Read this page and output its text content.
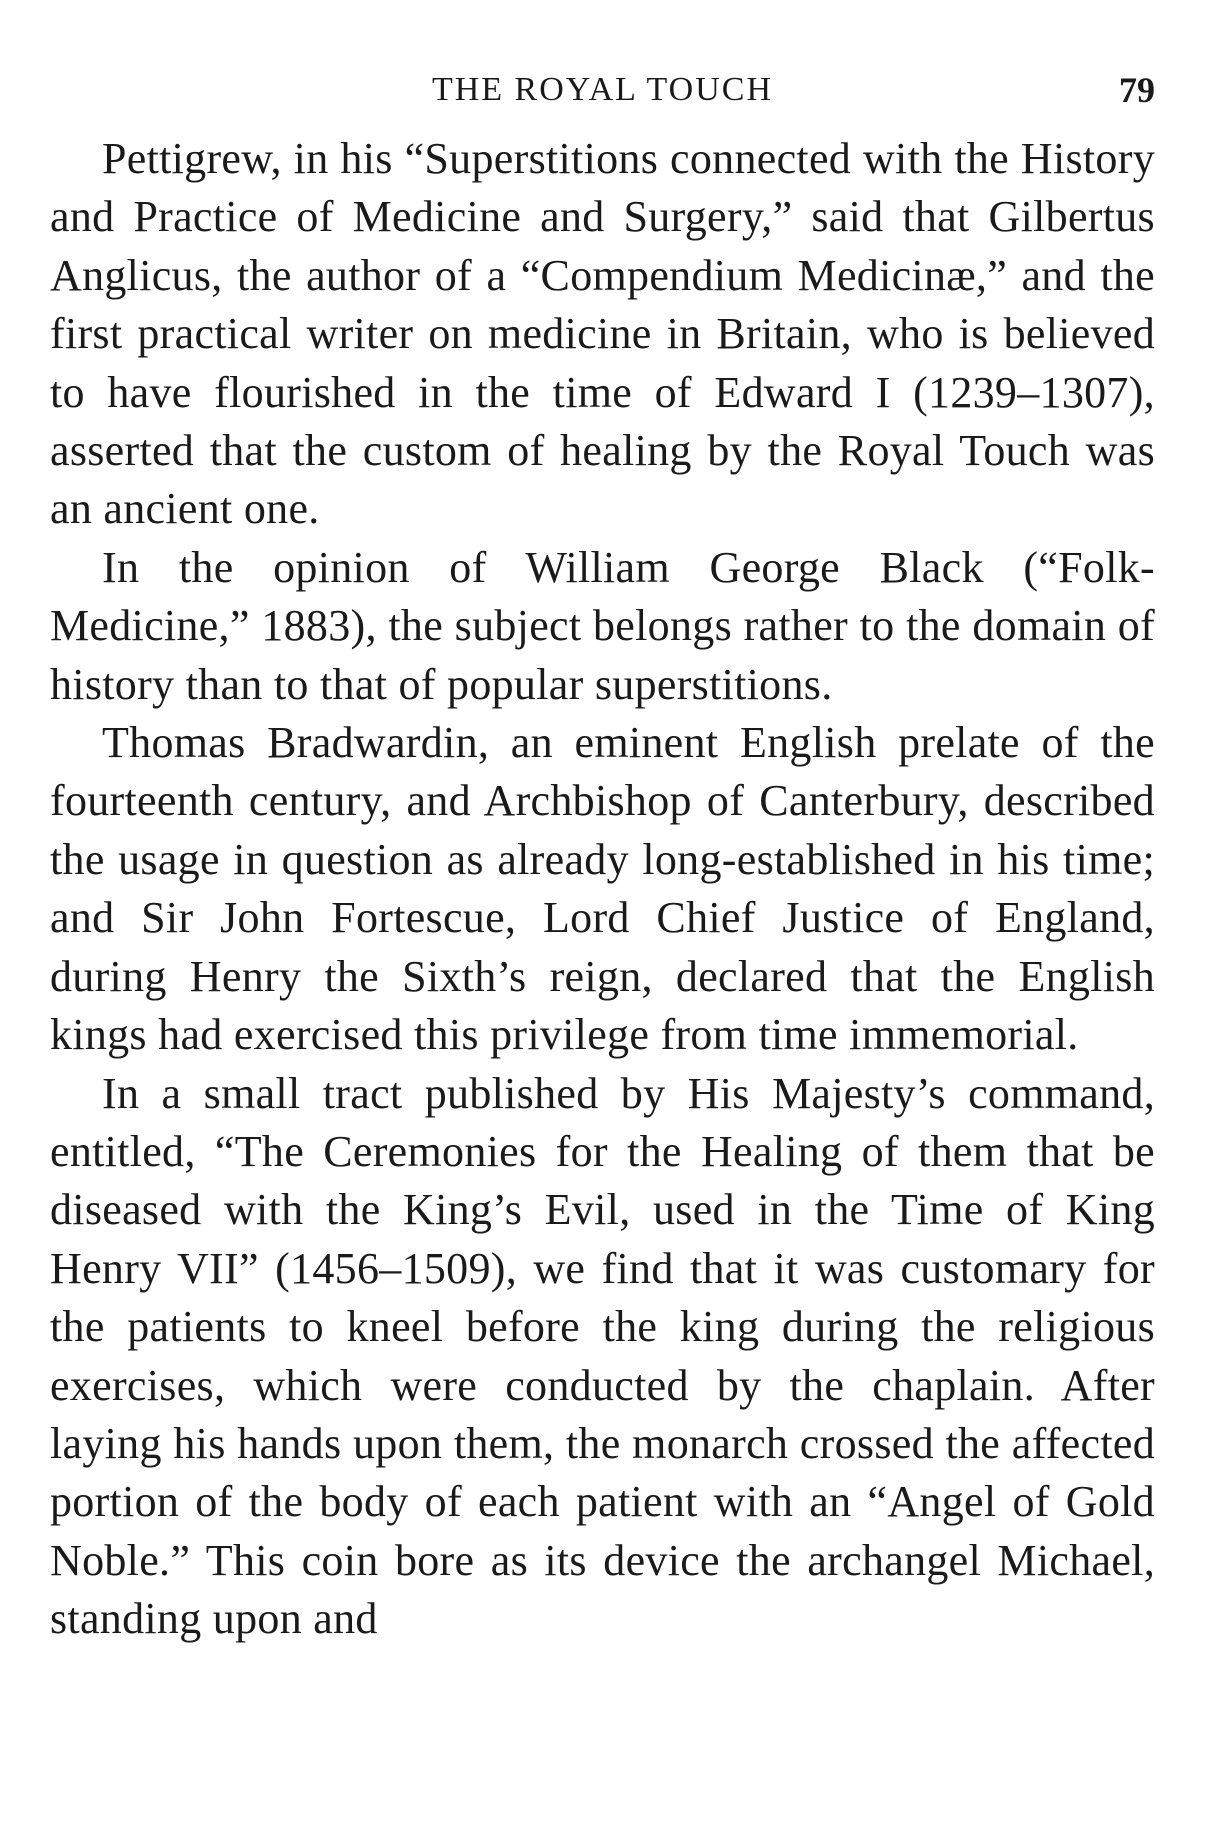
THE ROYAL TOUCH	79

Pettigrew, in his “Superstitions connected with the History and Practice of Medicine and Surgery,” said that Gilbertus Anglicus, the author of a “Compendium Medicinæ,” and the first practical writer on medicine in Britain, who is believed to have flourished in the time of Edward I (1239–1307), asserted that the custom of healing by the Royal Touch was an ancient one.

In the opinion of William George Black (“Folk-Medicine,” 1883), the subject belongs rather to the domain of history than to that of popular superstitions.

Thomas Bradwardin, an eminent English prelate of the fourteenth century, and Archbishop of Canterbury, described the usage in question as already long-established in his time; and Sir John Fortescue, Lord Chief Justice of England, during Henry the Sixth’s reign, declared that the English kings had exercised this privilege from time immemorial.

In a small tract published by His Majesty’s command, entitled, “The Ceremonies for the Healing of them that be diseased with the King’s Evil, used in the Time of King Henry VII” (1456–1509), we find that it was customary for the patients to kneel before the king during the religious exercises, which were conducted by the chaplain. After laying his hands upon them, the monarch crossed the affected portion of the body of each patient with an “Angel of Gold Noble.” This coin bore as its device the archangel Michael, standing upon and
